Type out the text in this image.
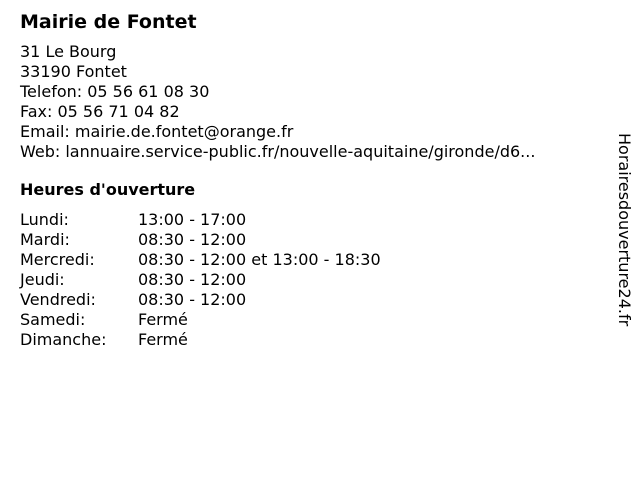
Mairie de Fontet
31 Le Bourg
33190 Fontet
Telefon: 05 56 61 08 30
Fax: 05 56 71 04 82
Email: mairie.de.fontet@orange.fr
Web: lannuaire.service-public.fr/nouvelle-aquitaine/gironde/d6...
Heures d'ouverture
Lundi:	13:00 - 17:00
Mardi:	08:30 - 12:00
Mercredi:	08:30 - 12:00 et 13:00 - 18:30
Jeudi:	08:30 - 12:00
Vendredi:	08:30 - 12:00
Samedi:	Fermé
Dimanche:	Fermé
Horairesdouverture24.fr
